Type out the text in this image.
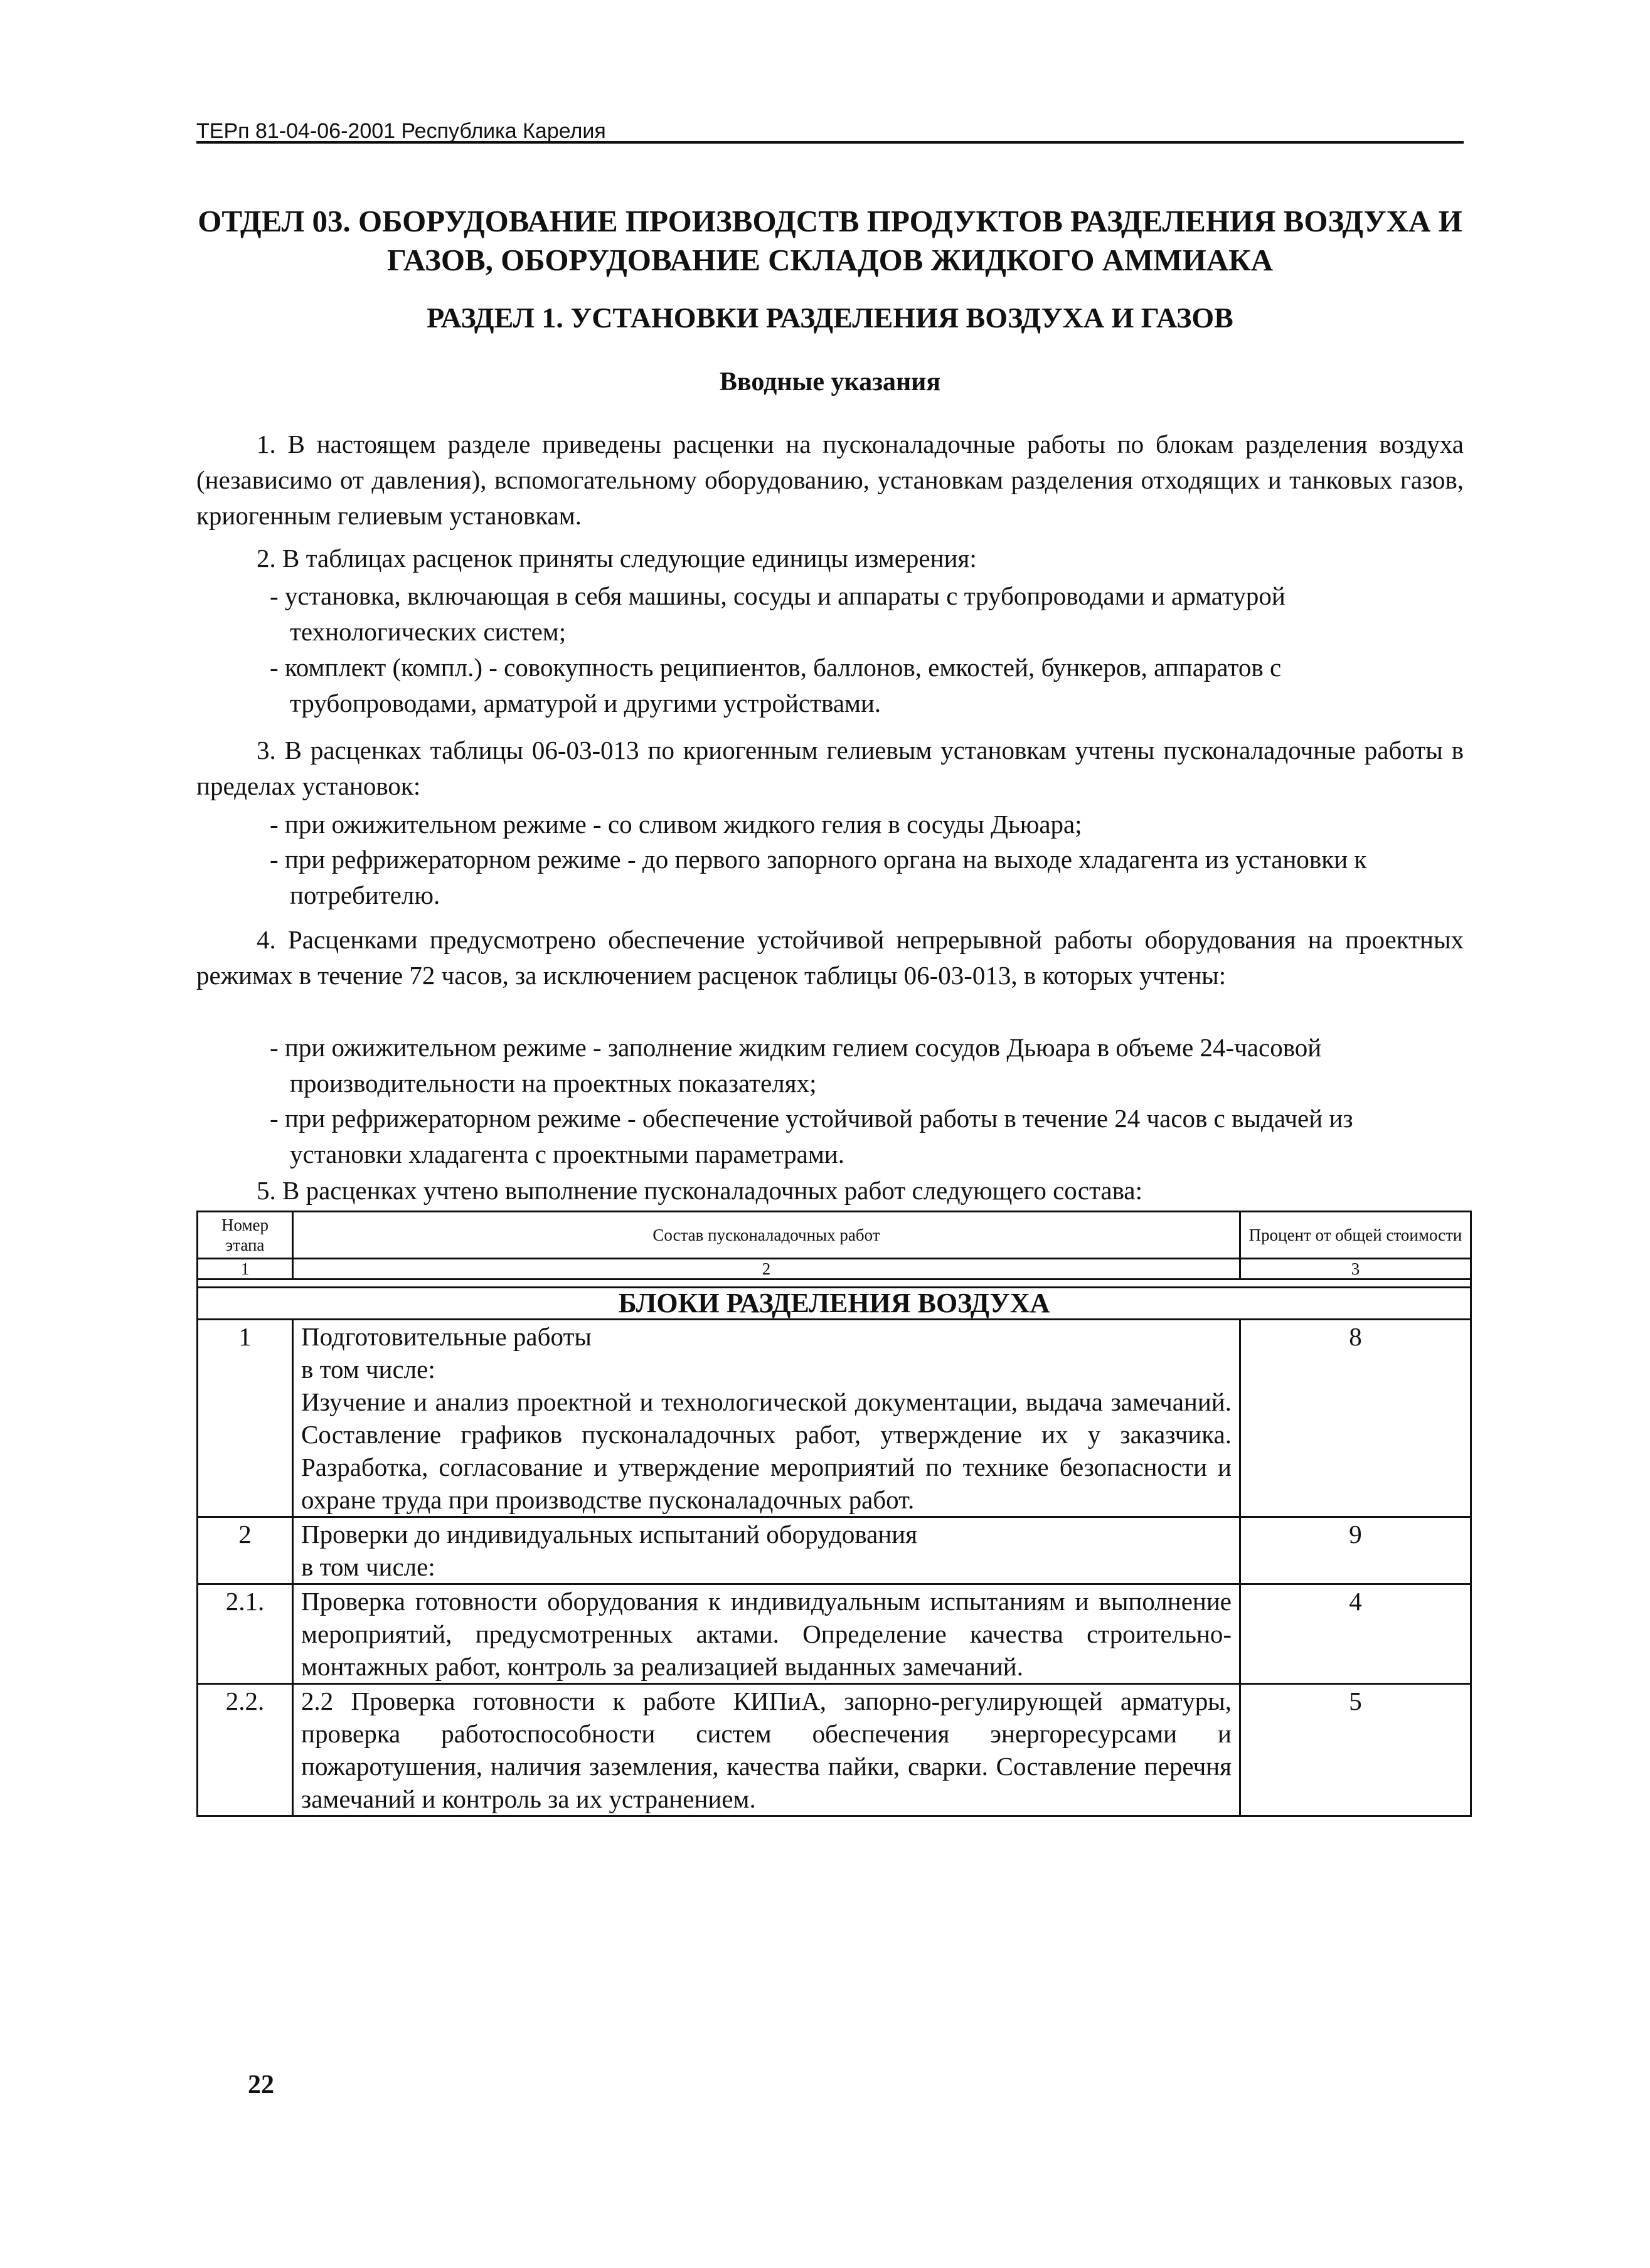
ТЕРп 81-04-06-2001 Республика Карелия
ОТДЕЛ 03. ОБОРУДОВАНИЕ ПРОИЗВОДСТВ ПРОДУКТОВ РАЗДЕЛЕНИЯ ВОЗДУХА И
ГАЗОВ, ОБОРУДОВАНИЕ СКЛАДОВ ЖИДКОГО АММИАКА
РАЗДЕЛ 1. УСТАНОВКИ РАЗДЕЛЕНИЯ ВОЗДУХА И ГАЗОВ
Вводные указания
1. В настоящем разделе приведены расценки на пусконаладочные работы по блокам разделения воздуха (независимо от давления), вспомогательному оборудованию, установкам разделения отходящих и танковых газов, криогенным гелиевым установкам.
2. В таблицах расценок приняты следующие единицы измерения:
- установка, включающая в себя машины, сосуды и аппараты с трубопроводами и арматурой технологических систем;
- комплект (компл.) - совокупность реципиентов, баллонов, емкостей, бункеров, аппаратов с трубопроводами, арматурой и другими устройствами.
3. В расценках таблицы 06-03-013 по криогенным гелиевым установкам учтены пусконаладочные работы в пределах установок:
- при ожижительном режиме - со сливом жидкого гелия в сосуды Дьюара;
- при рефрижераторном режиме - до первого запорного органа на выходе хладагента из установки к потребителю.
4. Расценками предусмотрено обеспечение устойчивой непрерывной работы оборудования на проектных режимах в течение 72 часов, за исключением расценок таблицы 06-03-013, в которых учтены:
- при ожижительном режиме - заполнение жидким гелием сосудов Дьюара в объеме 24-часовой производительности на проектных показателях;
- при рефрижераторном режиме - обеспечение устойчивой работы в течение 24 часов с выдачей из установки хладагента с проектными параметрами.
5. В расценках учтено выполнение пусконаладочных работ следующего состава:
Номер этапа	Состав пусконаладочных работ	Процент от общей стоимости
1	2	3

БЛОКИ РАЗДЕЛЕНИЯ ВОЗДУХА		
1	Подготовительные работы
в том числе:
Изучение и анализ проектной и технологической документации, выдача замечаний. Составление графиков пусконаладочных работ, утверждение их у заказчика. Разработка, согласование и утверждение мероприятий по технике безопасности и охране труда при производстве пусконаладочных работ.	8
2	Проверки до индивидуальных испытаний оборудования
в том числе:	9
2.1.	Проверка готовности оборудования к индивидуальным испытаниям и выполнение мероприятий, предусмотренных актами. Определение качества строительно-монтажных работ, контроль за реализацией выданных замечаний.	4
2.2.	2.2 Проверка готовности к работе КИПиА, запорно-регулирующей арматуры, проверка работоспособности систем обеспечения энергоресурсами и пожаротушения, наличия заземления, качества пайки, сварки. Составление перечня замечаний и контроль за их устранением.	5
22
